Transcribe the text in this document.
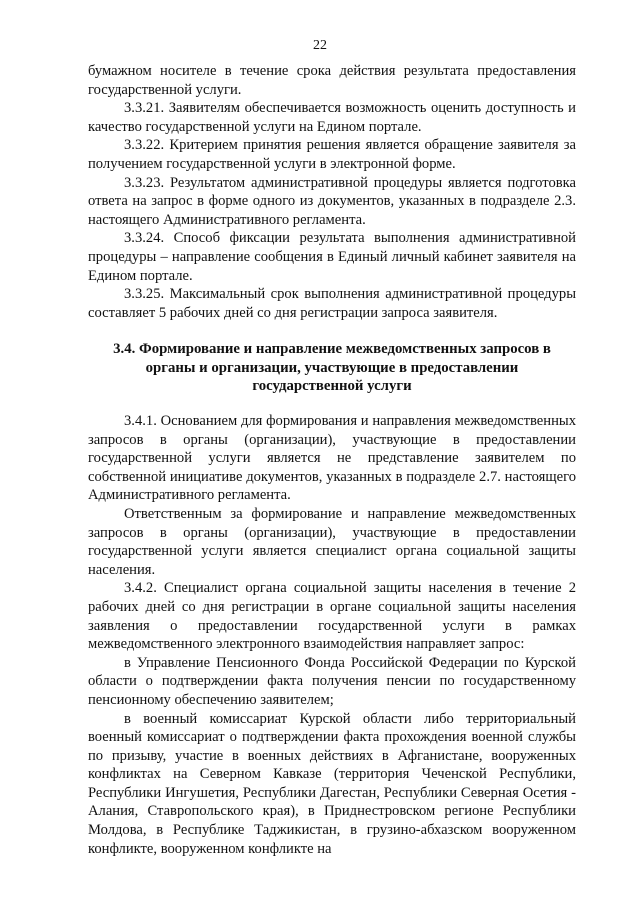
22

бумажном носителе в течение срока действия результата предоставления государственной услуги.

3.3.21. Заявителям обеспечивается возможность оценить доступность и качество государственной услуги на Едином портале.

3.3.22. Критерием принятия решения является обращение заявителя за получением государственной услуги в электронной форме.

3.3.23. Результатом административной процедуры является подготовка ответа на запрос в форме одного из документов, указанных в подразделе 2.3. настоящего Административного регламента.

3.3.24. Способ фиксации результата выполнения административной процедуры – направление сообщения в Единый личный кабинет заявителя на Едином портале.

3.3.25. Максимальный срок выполнения административной процедуры составляет 5 рабочих дней со дня регистрации запроса заявителя.

3.4. Формирование и направление межведомственных запросов в органы и организации, участвующие в предоставлении государственной услуги

3.4.1. Основанием для формирования и направления межведомственных запросов в органы (организации), участвующие в предоставлении государственной услуги является не представление заявителем по собственной инициативе документов, указанных в подразделе 2.7. настоящего Административного регламента.

Ответственным за формирование и направление межведомственных запросов в органы (организации), участвующие в предоставлении государственной услуги является специалист органа социальной защиты населения.

3.4.2. Специалист органа социальной защиты населения в течение 2 рабочих дней со дня регистрации в органе социальной защиты населения заявления о предоставлении государственной услуги в рамках межведомственного электронного взаимодействия направляет запрос:

в Управление Пенсионного Фонда Российской Федерации по Курской области о подтверждении факта получения пенсии по государственному пенсионному обеспечению заявителем;

в военный комиссариат Курской области либо территориальный военный комиссариат о подтверждении факта прохождения военной службы по призыву, участие в военных действиях в Афганистане, вооруженных конфликтах на Северном Кавказе (территория Чеченской Республики, Республики Ингушетия, Республики Дагестан, Республики Северная Осетия - Алания, Ставропольского края), в Приднестровском регионе Республики Молдова, в Республике Таджикистан, в грузино-абхазском вооруженном конфликте, вооруженном конфликте на
